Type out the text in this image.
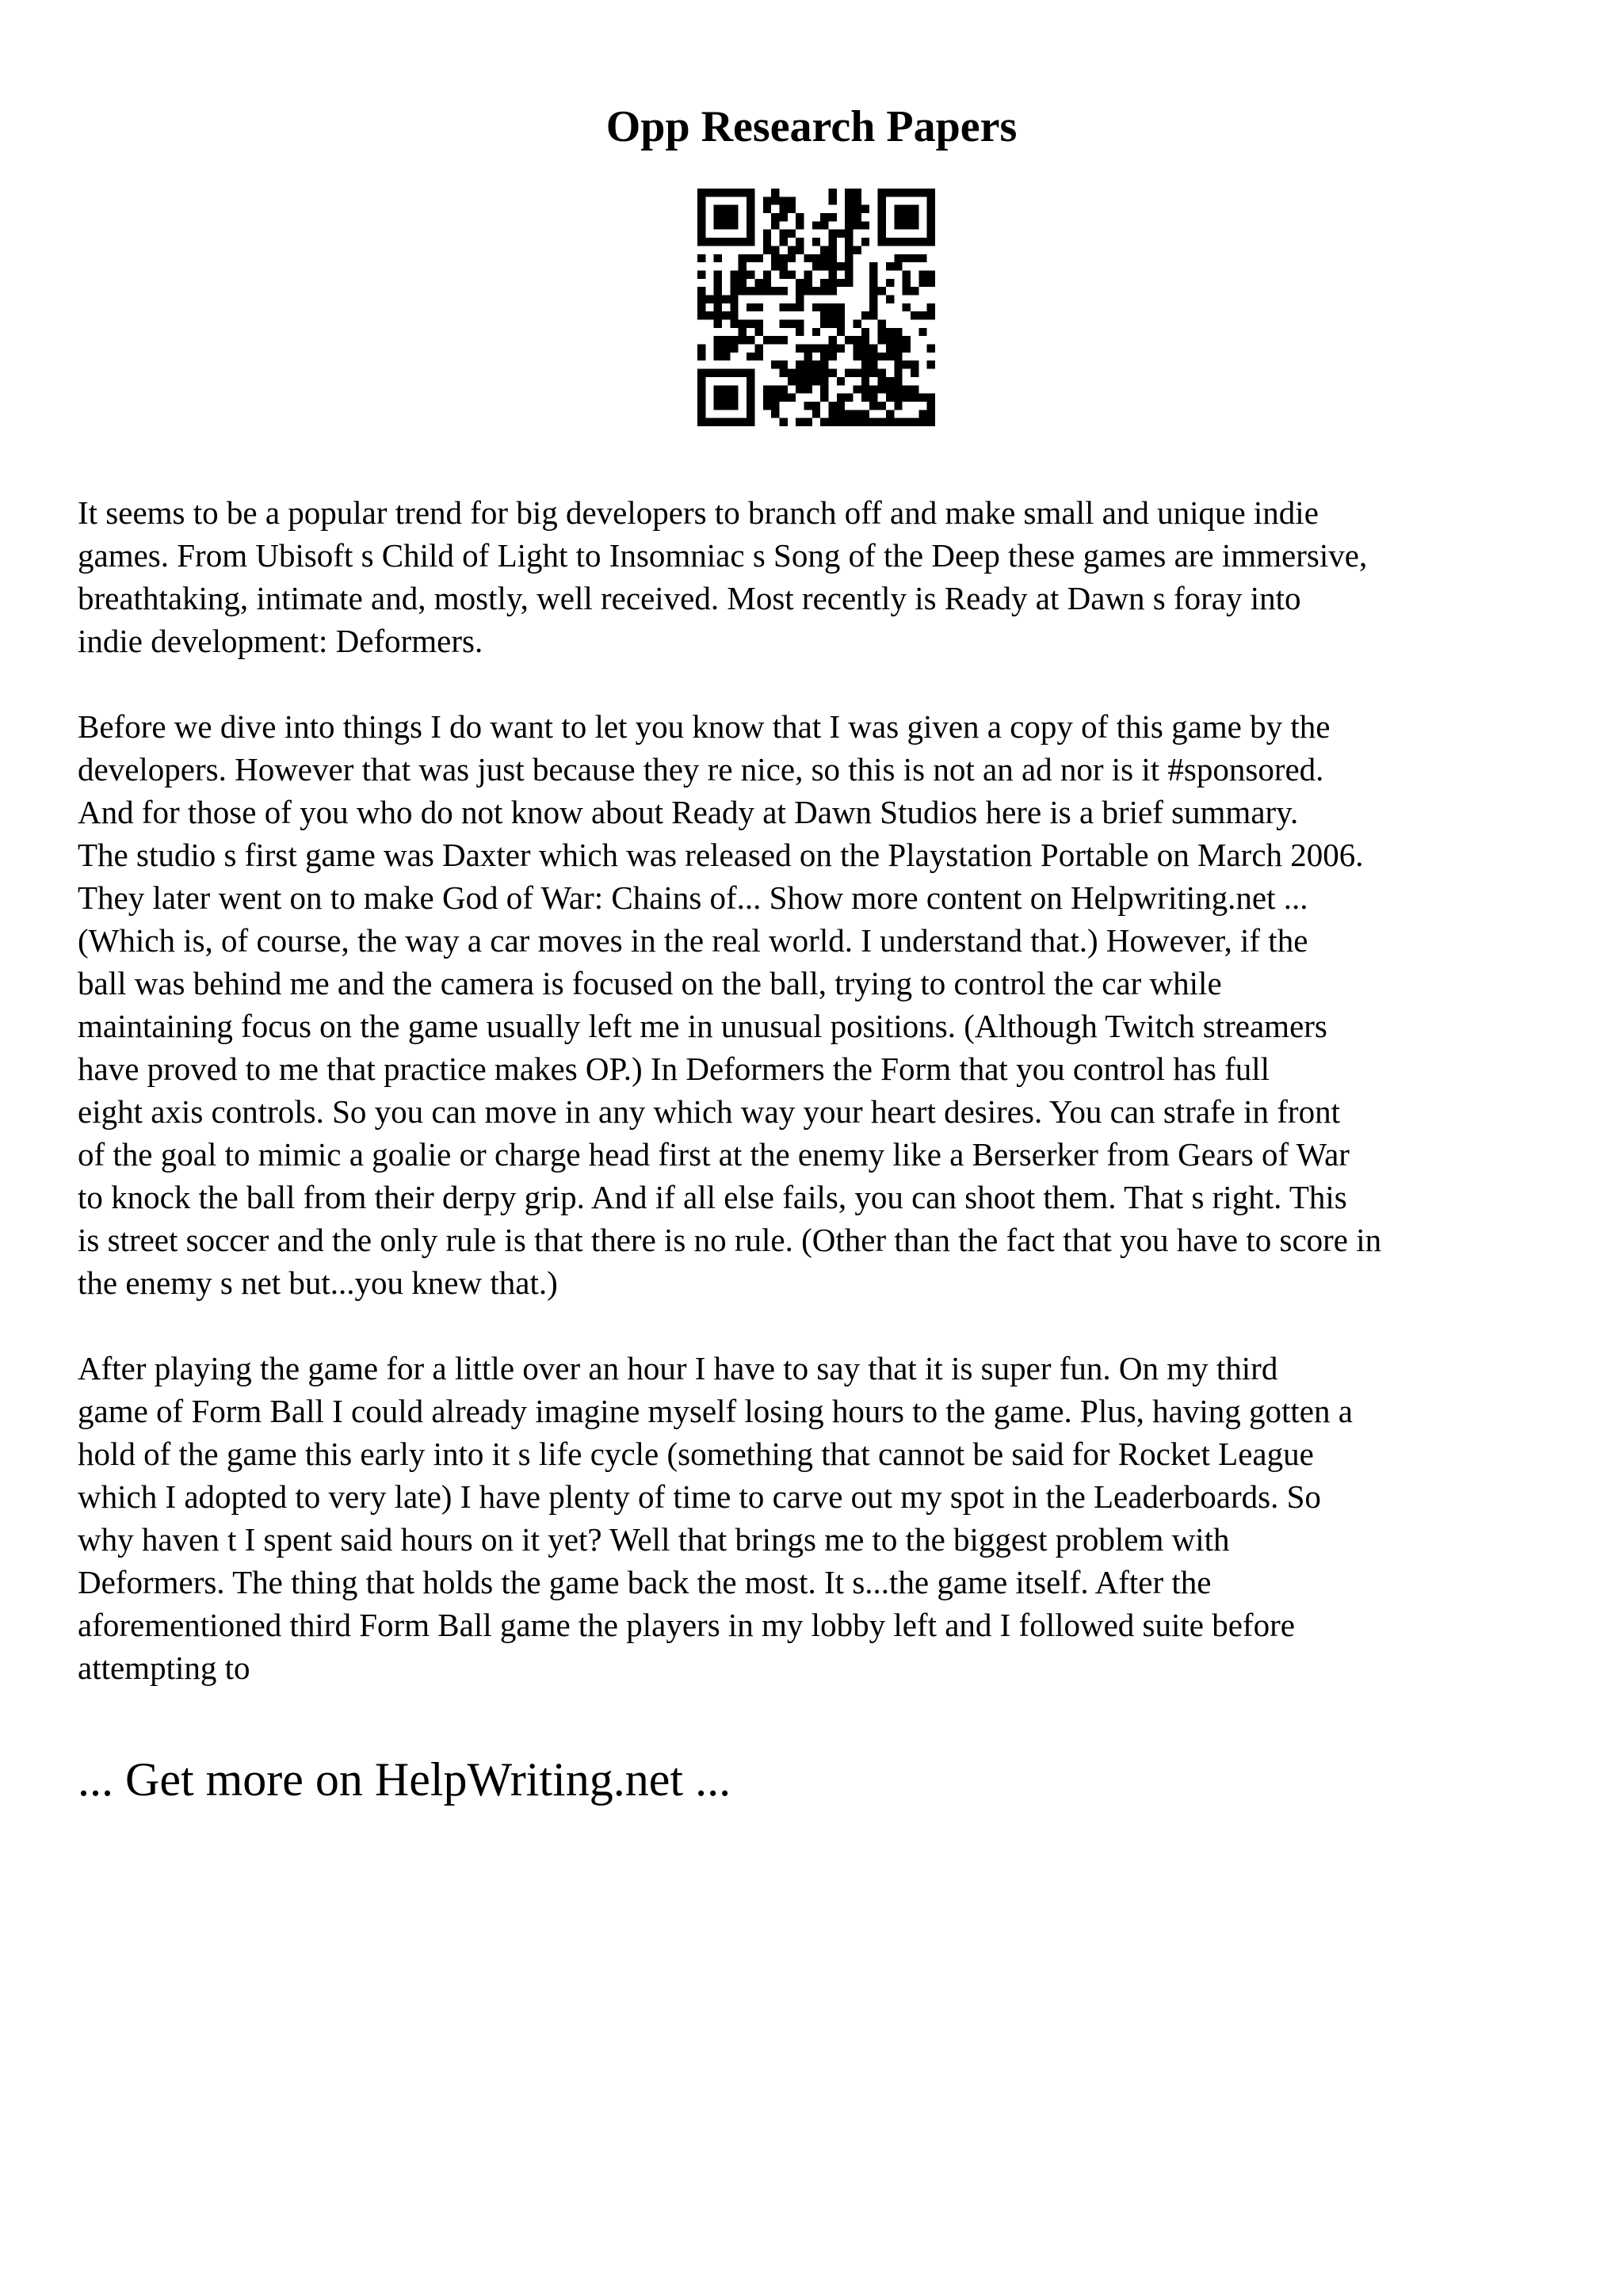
Opp Research Papers
It seems to be a popular trend for big developers to branch off and make small and unique indie
games. From Ubisoft s Child of Light to Insomniac s Song of the Deep these games are immersive,
breathtaking, intimate and, mostly, well received. Most recently is Ready at Dawn s foray into
indie development: Deformers.
Before we dive into things I do want to let you know that I was given a copy of this game by the
developers. However that was just because they re nice, so this is not an ad nor is it #sponsored.
And for those of you who do not know about Ready at Dawn Studios here is a brief summary.
The studio s first game was Daxter which was released on the Playstation Portable on March 2006.
They later went on to make God of War: Chains of... Show more content on Helpwriting.net ...
(Which is, of course, the way a car moves in the real world. I understand that.) However, if the
ball was behind me and the camera is focused on the ball, trying to control the car while
maintaining focus on the game usually left me in unusual positions. (Although Twitch streamers
have proved to me that practice makes OP.) In Deformers the Form that you control has full
eight axis controls. So you can move in any which way your heart desires. You can strafe in front
of the goal to mimic a goalie or charge head first at the enemy like a Berserker from Gears of War
to knock the ball from their derpy grip. And if all else fails, you can shoot them. That s right. This
is street soccer and the only rule is that there is no rule. (Other than the fact that you have to score in
the enemy s net but...you knew that.)
After playing the game for a little over an hour I have to say that it is super fun. On my third
game of Form Ball I could already imagine myself losing hours to the game. Plus, having gotten a
hold of the game this early into it s life cycle (something that cannot be said for Rocket League
which I adopted to very late) I have plenty of time to carve out my spot in the Leaderboards. So
why haven t I spent said hours on it yet? Well that brings me to the biggest problem with
Deformers. The thing that holds the game back the most. It s...the game itself. After the
aforementioned third Form Ball game the players in my lobby left and I followed suite before
attempting to
... Get more on HelpWriting.net ...
